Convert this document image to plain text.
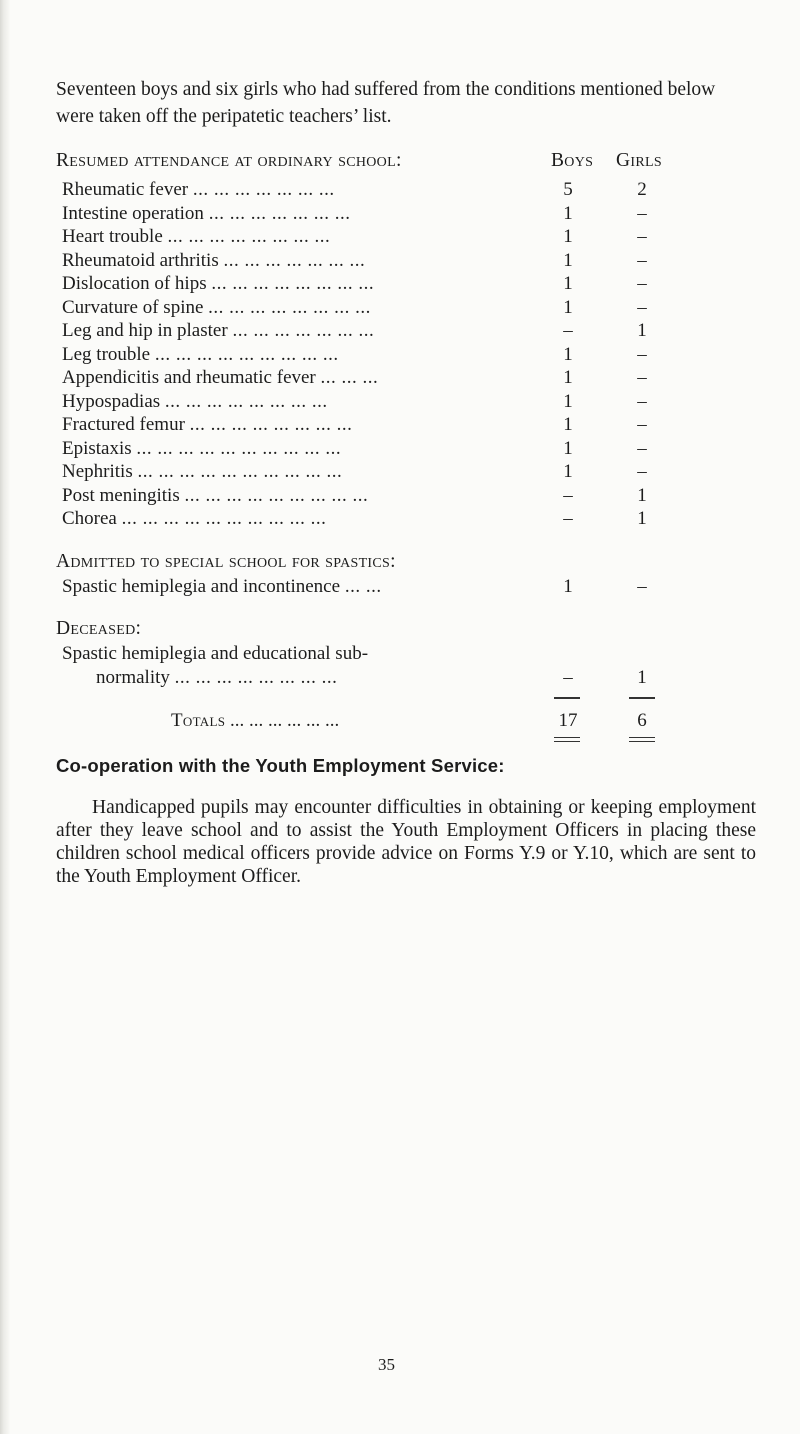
Seventeen boys and six girls who had suffered from the conditions mentioned below were taken off the peripatetic teachers’ list.

Resumed attendance at ordinary school:	Boys Girls
Rheumatic fever ... ... ... ... ... ... ...	5	2
Intestine operation ... ... ... ... ... ... ...	1	–
Heart trouble ... ... ... ... ... ... ... ...	1	–
Rheumatoid arthritis ... ... ... ... ... ... ...	1	–
Dislocation of hips ... ... ... ... ... ... ... ...	1	–
Curvature of spine ... ... ... ... ... ... ... ...	1	–
Leg and hip in plaster ... ... ... ... ... ... ...	–	1
Leg trouble ... ... ... ... ... ... ... ... ...	1	–
Appendicitis and rheumatic fever ... ... ...	1	–
Hypospadias ... ... ... ... ... ... ... ...	1	–
Fractured femur ... ... ... ... ... ... ... ...	1	–
Epistaxis ... ... ... ... ... ... ... ... ... ...	1	–
Nephritis ... ... ... ... ... ... ... ... ... ...	1	–
Post meningitis ... ... ... ... ... ... ... ... ...	–	1
Chorea ... ... ... ... ... ... ... ... ... ...	–	1
Admitted to special school for spastics:
Spastic hemiplegia and incontinence ... ...	1	–
Deceased:
Spastic hemiplegia and educational sub-
normality ... ... ... ... ... ... ... ...	–	1
Totals ... ... ... ... ... ...	17	6
Co-operation with the Youth Employment Service:

Handicapped pupils may encounter difficulties in obtaining or keeping employment after they leave school and to assist the Youth Employment Officers in placing these children school medical officers provide advice on Forms Y.9 or Y.10, which are sent to the Youth Employment Officer.

35
